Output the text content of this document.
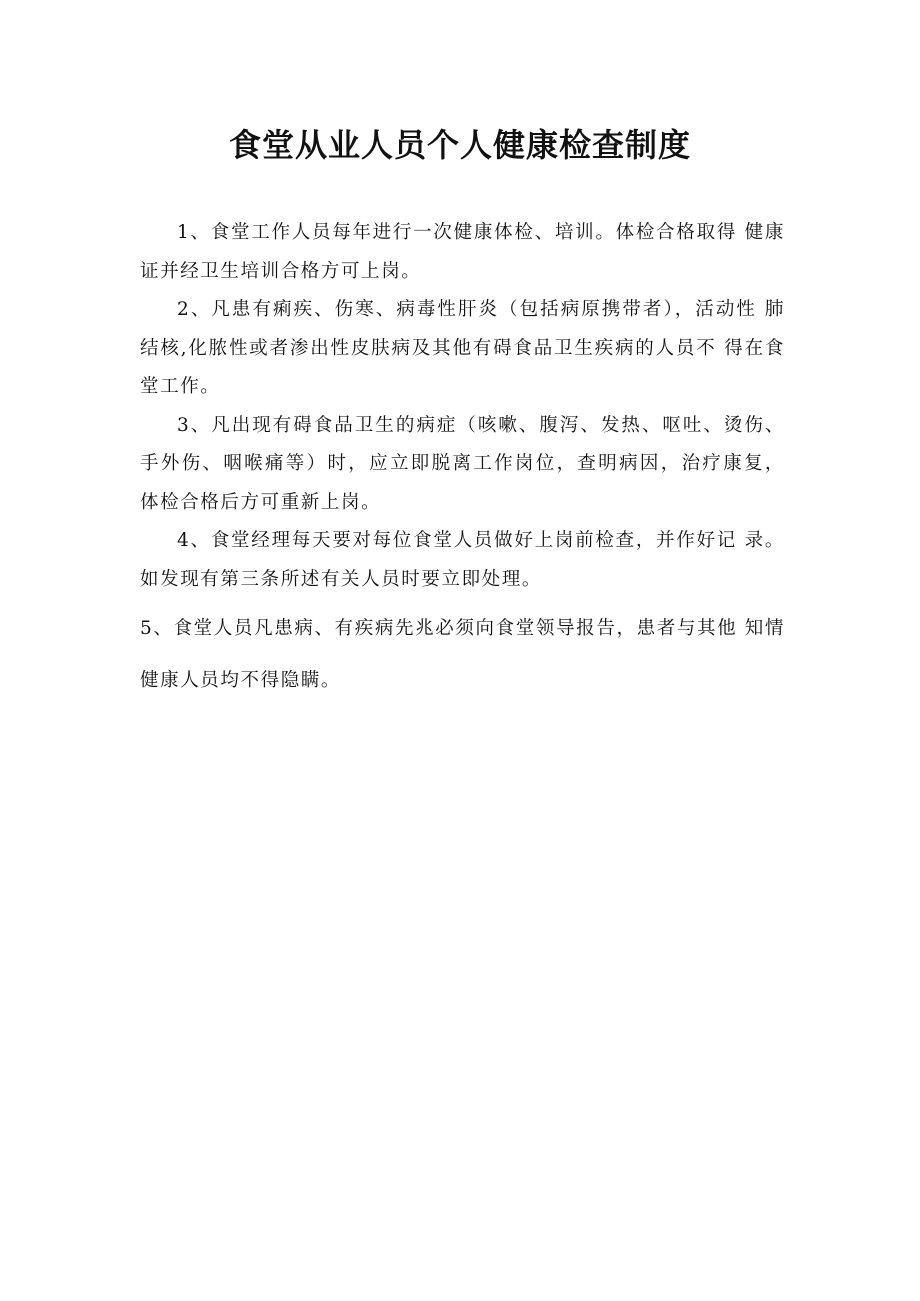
食堂从业人员个人健康检查制度

1、食堂工作人员每年进行一次健康体检、培训。体检合格取得 健康证并经卫生培训合格方可上岗。

2、凡患有痢疾、伤寒、病毒性肝炎（包括病原携带者），活动性 肺结核,化脓性或者渗出性皮肤病及其他有碍食品卫生疾病的人员不 得在食堂工作。

3、凡出现有碍食品卫生的病症（咳嗽、腹泻、发热、呕吐、烫伤、手外伤、咽喉痛等）时，应立即脱离工作岗位，查明病因，治疗康复， 体检合格后方可重新上岗。

4、食堂经理每天要对每位食堂人员做好上岗前检查，并作好记 录。如发现有第三条所述有关人员时要立即处理。

5、食堂人员凡患病、有疾病先兆必须向食堂领导报告，患者与其他 知情健康人员均不得隐瞒。
